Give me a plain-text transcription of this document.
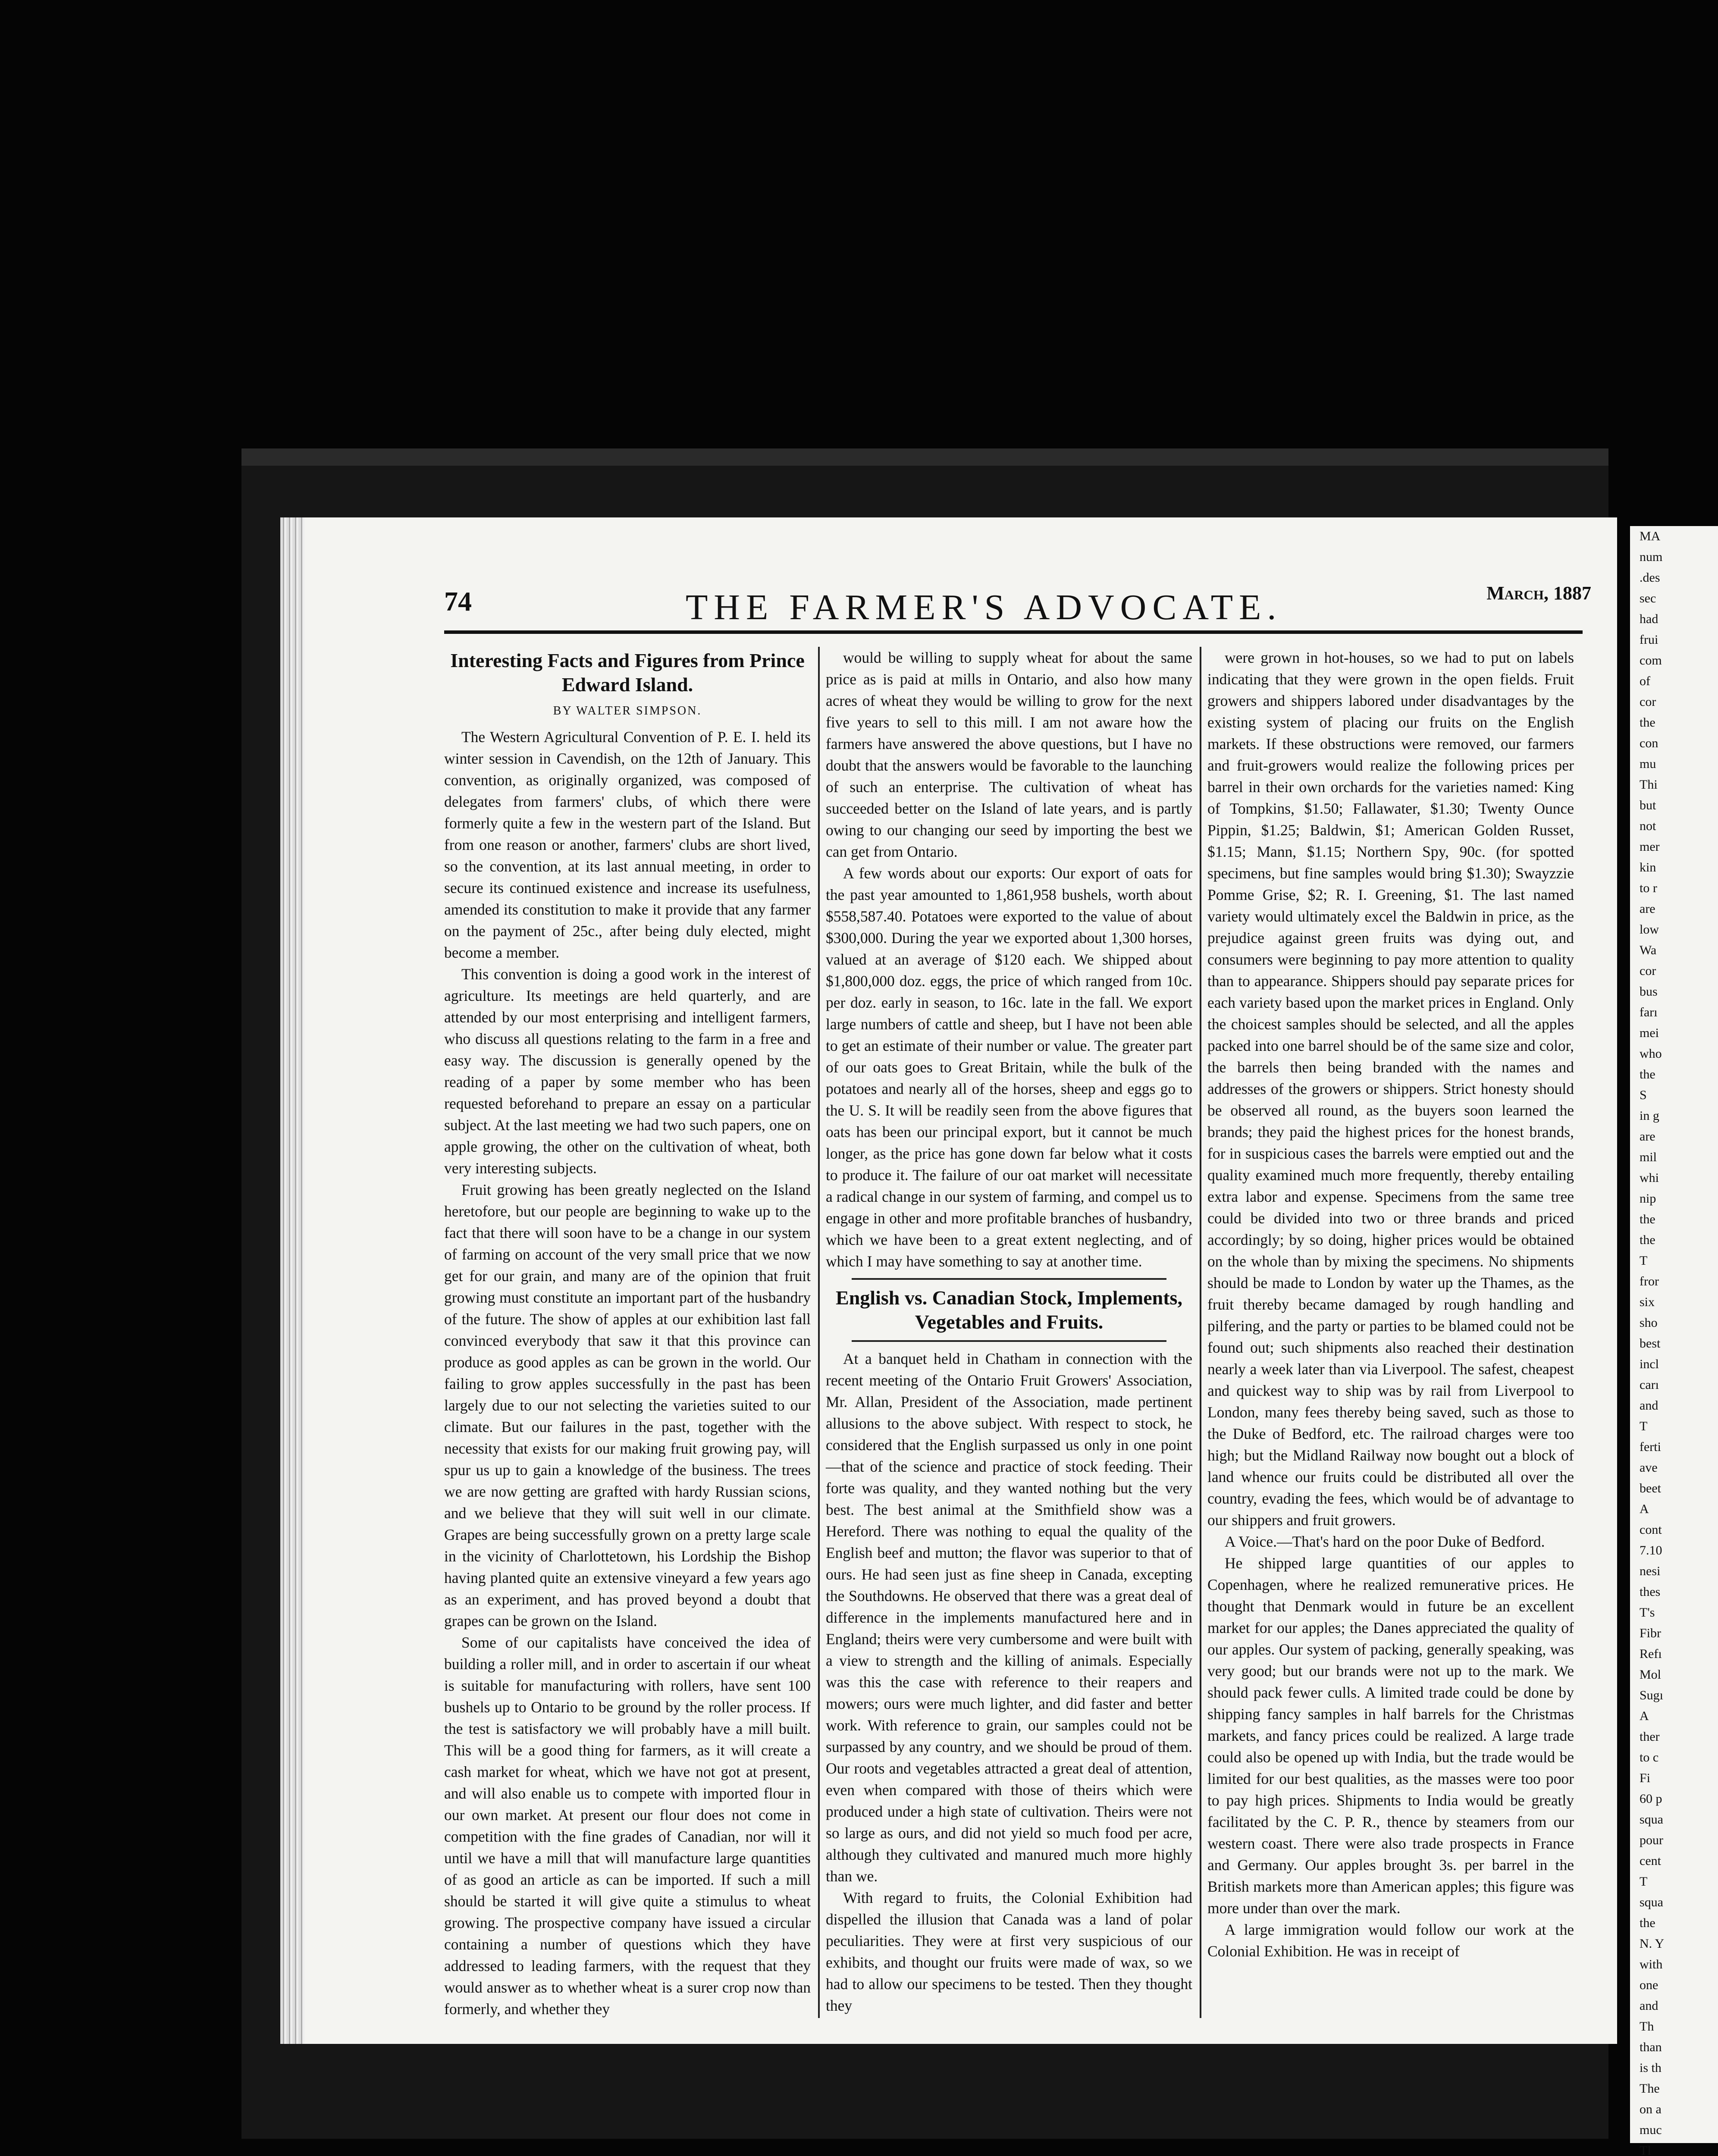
MA
num
.des
sec
had
frui
com
of
cor
the
con
mu
Thi
but
not
mer
kin
to r
are
low
Wa
cor
bus
farı
mei
who
the
S
in g
are
mil
whi
nip
the
the
T
fror
six
sho
best
incl
carı
and
T
ferti
ave
beet
A
cont
7.10
nesi
thes
T's
Fibr
Refı
Mol
Sugı
A
ther
to c
Fi
60 p
squa
pour
cent
T
squa
the
N. Y
with
one
and
Th
than
is th
The
on a
muc
Tl
74	THE FARMER'S ADVOCATE.	March, 1887
Interesting Facts and Figures from Prince Edward Island.
BY WALTER SIMPSON.

The Western Agricultural Convention of P. E. I. held its winter session in Cavendish, on the 12th of January. This convention, as originally organized, was composed of delegates from farmers' clubs, of which there were formerly quite a few in the western part of the Island. But from one reason or another, farmers' clubs are short lived, so the convention, at its last annual meeting, in order to secure its continued existence and increase its usefulness, amended its constitution to make it provide that any farmer on the payment of 25c., after being duly elected, might become a member.

This convention is doing a good work in the interest of agriculture. Its meetings are held quarterly, and are attended by our most enterprising and intelligent farmers, who discuss all questions relating to the farm in a free and easy way. The discussion is generally opened by the reading of a paper by some member who has been requested beforehand to prepare an essay on a particular subject. At the last meeting we had two such papers, one on apple growing, the other on the cultivation of wheat, both very interesting subjects.

Fruit growing has been greatly neglected on the Island heretofore, but our people are beginning to wake up to the fact that there will soon have to be a change in our system of farming on account of the very small price that we now get for our grain, and many are of the opinion that fruit growing must constitute an important part of the husbandry of the future. The show of apples at our exhibition last fall convinced everybody that saw it that this province can produce as good apples as can be grown in the world. Our failing to grow apples successfully in the past has been largely due to our not selecting the varieties suited to our climate. But our failures in the past, together with the necessity that exists for our making fruit growing pay, will spur us up to gain a knowledge of the business. The trees we are now getting are grafted with hardy Russian scions, and we believe that they will suit well in our climate. Grapes are being successfully grown on a pretty large scale in the vicinity of Charlottetown, his Lordship the Bishop having planted quite an extensive vineyard a few years ago as an experiment, and has proved beyond a doubt that grapes can be grown on the Island.

Some of our capitalists have conceived the idea of building a roller mill, and in order to ascertain if our wheat is suitable for manufacturing with rollers, have sent 100 bushels up to Ontario to be ground by the roller process. If the test is satisfactory we will probably have a mill built. This will be a good thing for farmers, as it will create a cash market for wheat, which we have not got at present, and will also enable us to compete with imported flour in our own market. At present our flour does not come in competition with the fine grades of Canadian, nor will it until we have a mill that will manufacture large quantities of as good an article as can be imported. If such a mill should be started it will give quite a stimulus to wheat growing. The prospective company have issued a circular containing a number of questions which they have addressed to leading farmers, with the request that they would answer as to whether wheat is a surer crop now than formerly, and whether they

would be willing to supply wheat for about the same price as is paid at mills in Ontario, and also how many acres of wheat they would be willing to grow for the next five years to sell to this mill. I am not aware how the farmers have answered the above questions, but I have no doubt that the answers would be favorable to the launching of such an enterprise. The cultivation of wheat has succeeded better on the Island of late years, and is partly owing to our changing our seed by importing the best we can get from Ontario.

A few words about our exports: Our export of oats for the past year amounted to 1,861,958 bushels, worth about $558,587.40. Potatoes were exported to the value of about $300,000. During the year we exported about 1,300 horses, valued at an average of $120 each. We shipped about $1,800,000 doz. eggs, the price of which ranged from 10c. per doz. early in season, to 16c. late in the fall. We export large numbers of cattle and sheep, but I have not been able to get an estimate of their number or value. The greater part of our oats goes to Great Britain, while the bulk of the potatoes and nearly all of the horses, sheep and eggs go to the U. S. It will be readily seen from the above figures that oats has been our principal export, but it cannot be much longer, as the price has gone down far below what it costs to produce it. The failure of our oat market will necessitate a radical change in our system of farming, and compel us to engage in other and more profitable branches of husbandry, which we have been to a great extent neglecting, and of which I may have something to say at another time.

English vs. Canadian Stock, Implements, Vegetables and Fruits.

At a banquet held in Chatham in connection with the recent meeting of the Ontario Fruit Growers' Association, Mr. Allan, President of the Association, made pertinent allusions to the above subject. With respect to stock, he considered that the English surpassed us only in one point—that of the science and practice of stock feeding. Their forte was quality, and they wanted nothing but the very best. The best animal at the Smithfield show was a Hereford. There was nothing to equal the quality of the English beef and mutton; the flavor was superior to that of ours. He had seen just as fine sheep in Canada, excepting the Southdowns. He observed that there was a great deal of difference in the implements manufactured here and in England; theirs were very cumbersome and were built with a view to strength and the killing of animals. Especially was this the case with reference to their reapers and mowers; ours were much lighter, and did faster and better work. With reference to grain, our samples could not be surpassed by any country, and we should be proud of them. Our roots and vegetables attracted a great deal of attention, even when compared with those of theirs which were produced under a high state of cultivation. Theirs were not so large as ours, and did not yield so much food per acre, although they cultivated and manured much more highly than we.

With regard to fruits, the Colonial Exhibition had dispelled the illusion that Canada was a land of polar peculiarities. They were at first very suspicious of our exhibits, and thought our fruits were made of wax, so we had to allow our specimens to be tested. Then they thought they

were grown in hot-houses, so we had to put on labels indicating that they were grown in the open fields. Fruit growers and shippers labored under disadvantages by the existing system of placing our fruits on the English markets. If these obstructions were removed, our farmers and fruit-growers would realize the following prices per barrel in their own orchards for the varieties named: King of Tompkins, $1.50; Fallawater, $1.30; Twenty Ounce Pippin, $1.25; Baldwin, $1; American Golden Russet, $1.15; Mann, $1.15; Northern Spy, 90c. (for spotted specimens, but fine samples would bring $1.30); Swayzzie Pomme Grise, $2; R. I. Greening, $1. The last named variety would ultimately excel the Baldwin in price, as the prejudice against green fruits was dying out, and consumers were beginning to pay more attention to quality than to appearance. Shippers should pay separate prices for each variety based upon the market prices in England. Only the choicest samples should be selected, and all the apples packed into one barrel should be of the same size and color, the barrels then being branded with the names and addresses of the growers or shippers. Strict honesty should be observed all round, as the buyers soon learned the brands; they paid the highest prices for the honest brands, for in suspicious cases the barrels were emptied out and the quality examined much more frequently, thereby entailing extra labor and expense. Specimens from the same tree could be divided into two or three brands and priced accordingly; by so doing, higher prices would be obtained on the whole than by mixing the specimens. No shipments should be made to London by water up the Thames, as the fruit thereby became damaged by rough handling and pilfering, and the party or parties to be blamed could not be found out; such shipments also reached their destination nearly a week later than via Liverpool. The safest, cheapest and quickest way to ship was by rail from Liverpool to London, many fees thereby being saved, such as those to the Duke of Bedford, etc. The railroad charges were too high; but the Midland Railway now bought out a block of land whence our fruits could be distributed all over the country, evading the fees, which would be of advantage to our shippers and fruit growers.

A Voice.—That's hard on the poor Duke of Bedford.

He shipped large quantities of our apples to Copenhagen, where he realized remunerative prices. He thought that Denmark would in future be an excellent market for our apples; the Danes appreciated the quality of our apples. Our system of packing, generally speaking, was very good; but our brands were not up to the mark. We should pack fewer culls. A limited trade could be done by shipping fancy samples in half barrels for the Christmas markets, and fancy prices could be realized. A large trade could also be opened up with India, but the trade would be limited for our best qualities, as the masses were too poor to pay high prices. Shipments to India would be greatly facilitated by the C. P. R., thence by steamers from our western coast. There were also trade prospects in France and Germany. Our apples brought 3s. per barrel in the British markets more than American apples; this figure was more under than over the mark.

A large immigration would follow our work at the Colonial Exhibition. He was in receipt of
